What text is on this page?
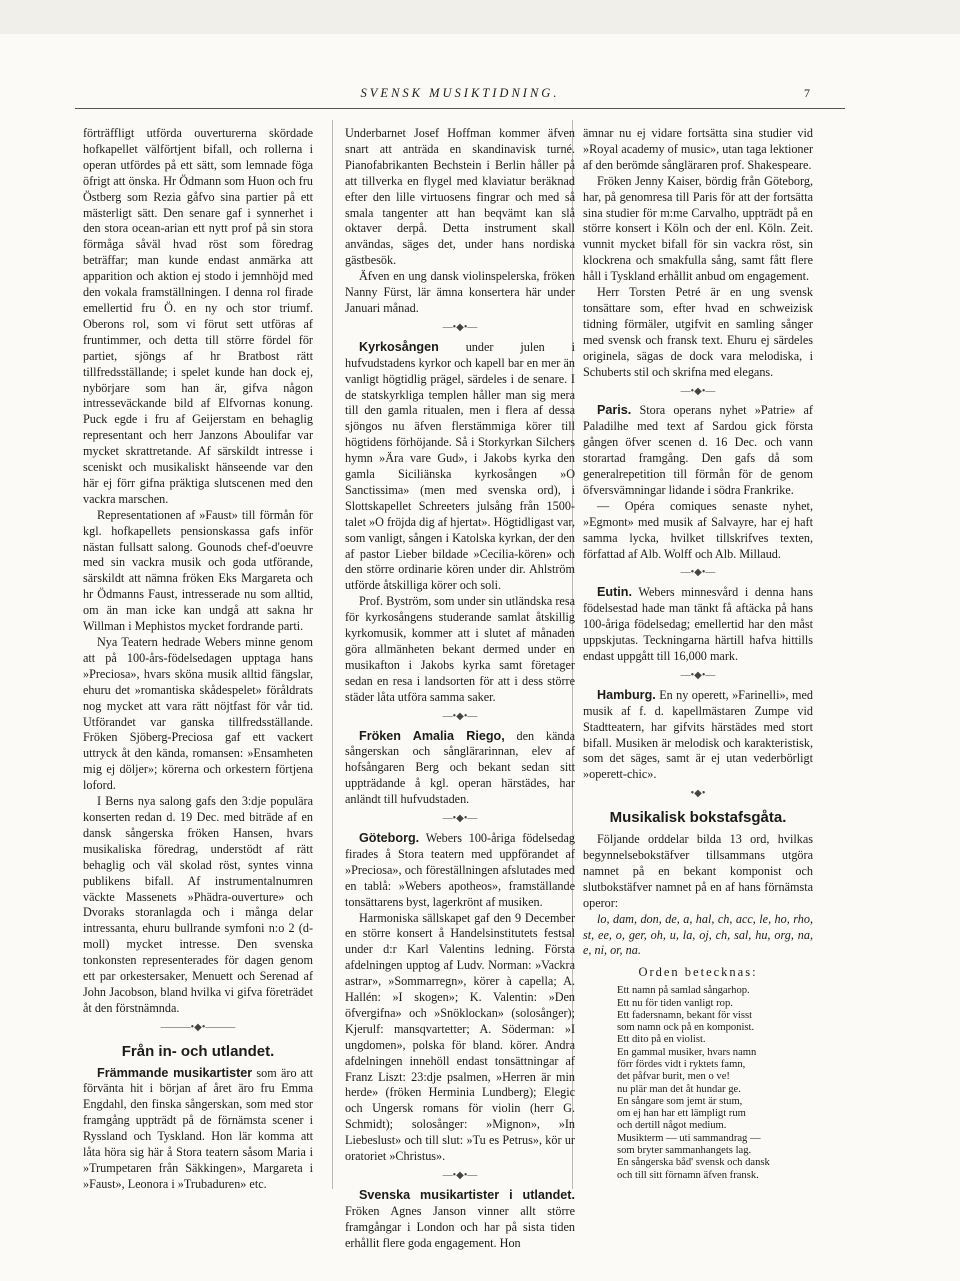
SVENSK MUSIKTIDNING.	7

förträffligt utförda ouverturerna skördade hofkapellet välförtjent bifall, och rollerna i operan utfördes på ett sätt, som lemnade föga öfrigt att önska. Hr Ödmann som Huon och fru Östberg som Rezia gåfvo sina partier på ett mästerligt sätt. Den senare gaf i synnerhet i den stora ocean-arian ett nytt prof på sin stora förmåga såväl hvad röst som föredrag beträffar; man kunde endast anmärka att apparition och aktion ej stodo i jemnhöjd med den vokala framställningen. I denna rol firade emellertid fru Ö. en ny och stor triumf. Oberons rol, som vi förut sett utföras af fruntimmer, och detta till större fördel för partiet, sjöngs af hr Bratbost rätt tillfredsställande; i spelet kunde han dock ej, nybörjare som han är, gifva någon intresseväckande bild af Elfvornas konung. Puck egde i fru af Geijerstam en behaglig representant och herr Janzons Aboulifar var mycket skrattretande. Af särskildt intresse i sceniskt och musikaliskt hänseende var den här ej förr gifna präktiga slutscenen med den vackra marschen.

Representationen af »Faust» till förmån för kgl. hofkapellets pensionskassa gafs inför nästan fullsatt salong. Gounods chef-d'oeuvre med sin vackra musik och goda utförande, särskildt att nämna fröken Eks Margareta och hr Ödmanns Faust, intresserade nu som alltid, om än man icke kan undgå att sakna hr Willman i Mephistos mycket fordrande parti.

Nya Teatern hedrade Webers minne genom att på 100-års-födelsedagen upptaga hans »Preciosa», hvars sköna musik alltid fängslar, ehuru det »romantiska skådespelet» föråldrats nog mycket att vara rätt nöjtfast för vår tid. Utförandet var ganska tillfredsställande. Fröken Sjöberg-Preciosa gaf ett vackert uttryck åt den kända, romansen: »Ensamheten mig ej döljer»; körerna och orkestern förtjena loford.

I Berns nya salong gafs den 3:dje populära konserten redan d. 19 Dec. med biträde af en dansk sångerska fröken Hansen, hvars musikaliska föredrag, understödt af rätt behaglig och väl skolad röst, syntes vinna publikens bifall. Af instrumentalnumren väckte Massenets »Phädra-ouverture» och Dvoraks storanlagda och i många delar intressanta, ehuru bullrande symfoni n:o 2 (d-moll) mycket intresse. Den svenska tonkonsten representerades för dagen genom ett par orkestersaker, Menuett och Serenad af John Jacobson, bland hvilka vi gifva företrädet åt den förstnämnda.

———•◆•———
Från in- och utlandet.

Främmande musikartister som äro att förvänta hit i början af året äro fru Emma Engdahl, den finska sångerskan, som med stor framgång uppträdt på de förnämsta scener i Ryssland och Tyskland. Hon lär komma att låta höra sig här å Stora teatern såsom Maria i »Trumpetaren från Säkkingen», Margareta i »Faust», Leonora i »Trubaduren» etc.

Underbarnet Josef Hoffman kommer äfven snart att anträda en skandinavisk turné. Pianofabrikanten Bechstein i Berlin håller på att tillverka en flygel med klaviatur beräknad efter den lille virtuosens fingrar och med så smala tangenter att han beqvämt kan slå oktaver derpå. Detta instrument skall användas, säges det, under hans nordiska gästbesök.

Äfven en ung dansk violinspelerska, fröken Nanny Fürst, lär ämna konsertera här under Januari månad.

—•◆•—

Kyrkosången under julen i hufvudstadens kyrkor och kapell bar en mer än vanligt högtidlig prägel, särdeles i de senare. I de statskyrkliga templen håller man sig mera till den gamla ritualen, men i flera af dessa sjöngos nu äfven flerstämmiga körer till högtidens förhöjande. Så i Storkyrkan Silchers hymn »Ära vare Gud», i Jakobs kyrka den gamla Siciliänska kyrkosången »O Sanctissima» (men med svenska ord), i Slottskapellet Schreeters julsång från 1500-talet »O fröjda dig af hjertat». Högtidligast var, som vanligt, sången i Katolska kyrkan, der den af pastor Lieber bildade »Cecilia-kören» och den större ordinarie kören under dir. Ahlström utförde åtskilliga körer och soli.

Prof. Byström, som under sin utländska resa för kyrkosångens studerande samlat åtskillig kyrkomusik, kommer att i slutet af månaden göra allmänheten bekant dermed under en musikafton i Jakobs kyrka samt företager sedan en resa i landsorten för att i dess större städer låta utföra samma saker.

—•◆•—

Fröken Amalia Riego, den kända sångerskan och sånglärarinnan, elev af hofsångaren Berg och bekant sedan sitt uppträdande å kgl. operan härstädes, har anländt till hufvudstaden.

—•◆•—

Göteborg. Webers 100-åriga födelsedag firades å Stora teatern med uppförandet af »Preciosa», och föreställningen afslutades med en tablå: »Webers apotheos», framställande tonsättarens byst, lagerkrönt af musiken.

Harmoniska sällskapet gaf den 9 December en större konsert å Handelsinstitutets festsal under d:r Karl Valentins ledning. Första afdelningen upptog af Ludv. Norman: »Vackra astrar», »Sommarregn», körer à capella; A. Hallén: »I skogen»; K. Valentin: »Den öfvergifna» och »Snöklockan» (solosånger); Kjerulf: mansqvartetter; A. Söderman: »I ungdomen», polska för bland. körer. Andra afdelningen innehöll endast tonsättningar af Franz Liszt: 23:dje psalmen, »Herren är min herde» (fröken Herminia Lundberg); Elegic och Ungersk romans för violin (herr G. Schmidt); solosånger: »Mignon», »In Liebeslust» och till slut: »Tu es Petrus», kör ur oratoriet »Christus».

—•◆•—

Svenska musikartister i utlandet. Fröken Agnes Janson vinner allt större framgångar i London och har på sista tiden erhållit flere goda engagement. Hon

ämnar nu ej vidare fortsätta sina studier vid »Royal academy of music», utan taga lektioner af den berömde sångläraren prof. Shakespeare.

Fröken Jenny Kaiser, bördig från Göteborg, har, på genomresa till Paris för att der fortsätta sina studier för m:me Carvalho, uppträdt på en större konsert i Köln och der enl. Köln. Zeit. vunnit mycket bifall för sin vackra röst, sin klockrena och smakfulla sång, samt fått flere håll i Tyskland erhållit anbud om engagement.

Herr Torsten Petré är en ung svensk tonsättare som, efter hvad en schweizisk tidning förmäler, utgifvit en samling sånger med svensk och fransk text. Ehuru ej särdeles originela, sägas de dock vara melodiska, i Schuberts stil och skrifna med elegans.

—•◆•—

Paris. Stora operans nyhet »Patrie» af Paladilhe med text af Sardou gick första gången öfver scenen d. 16 Dec. och vann storartad framgång. Den gafs då som generalrepetition till förmån för de genom öfversvämningar lidande i södra Frankrike.

— Opéra comiques senaste nyhet, »Egmont» med musik af Salvayre, har ej haft samma lycka, hvilket tillskrifves texten, författad af Alb. Wolff och Alb. Millaud.

—•◆•—

Eutin. Webers minnesvård i denna hans födelsestad hade man tänkt få aftäcka på hans 100-åriga födelsedag; emellertid har den måst uppskjutas. Teckningarna härtill hafva hittills endast uppgått till 16,000 mark.

—•◆•—

Hamburg. En ny operett, »Farinelli», med musik af f. d. kapellmästaren Zumpe vid Stadtteatern, har gifvits härstädes med stort bifall. Musiken är melodisk och karakteristisk, som det säges, samt är ej utan vederbörligt »operett-chic».

•◆•
Musikalisk bokstafsgåta.

Följande orddelar bilda 13 ord, hvilkas begynnelsebokstäfver tillsammans utgöra namnet på en bekant komponist och slutbokstäfver namnet på en af hans förnämsta operor:

lo, dam, don, de, a, hal, ch, acc, le, ho, rho, st, ee, o, ger, oh, u, la, oj, ch, sal, hu, org, na, e, ni, or, na.

Orden betecknas:
Ett namn på samlad sångarhop.
Ett nu för tiden vanligt rop.
Ett fadersnamn, bekant för visst
som namn ock på en komponist.
Ett dito på en violist.
En gammal musiker, hvars namn
förr fördes vidt i ryktets famn,
det påfvar burit, men o ve!
nu plär man det åt hundar ge.
En sångare som jemt är stum,
om ej han har ett lämpligt rum
och dertill något medium.
Musikterm — uti sammandrag —
som bryter sammanhangets lag.
En sångerska båd' svensk och dansk
och till sitt förnamn äfven fransk.
